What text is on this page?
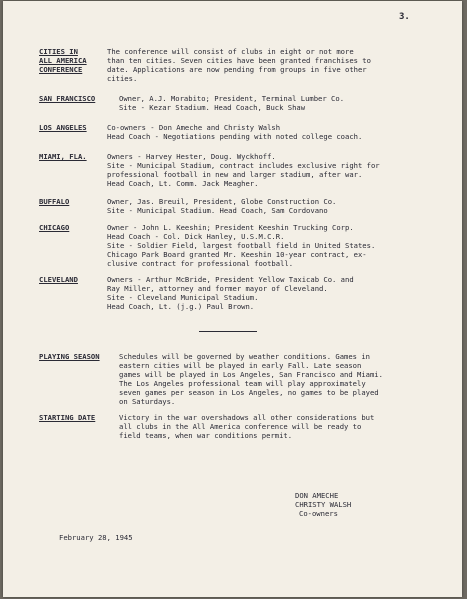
3.
CITIES IN
ALL AMERICA
CONFERENCE
The conference will consist of clubs in eight or not more
than ten cities. Seven cities have been granted franchises to
date. Applications are now pending from groups in five other
cities.
SAN FRANCISCO	Owner, A.J. Morabito; President, Terminal Lumber Co.
Site - Kezar Stadium. Head Coach, Buck Shaw
LOS ANGELES	Co-owners - Don Ameche and Christy Walsh
Head Coach - Negotiations pending with noted college coach.
MIAMI, FLA.	Owners - Harvey Hester, Doug. Wyckhoff.
Site - Municipal Stadium, contract includes exclusive right for
professional football in new and larger stadium, after war.
Head Coach, Lt. Comm. Jack Meagher.
BUFFALO	Owner, Jas. Breuil, President, Globe Construction Co.
Site - Municipal Stadium. Head Coach, Sam Cordovano
CHICAGO	Owner - John L. Keeshin; President Keeshin Trucking Corp.
Head Coach - Col. Dick Hanley, U.S.M.C.R.
Site - Soldier Field, largest football field in United States.
Chicago Park Board granted Mr. Keeshin 10-year contract, ex-
clusive contract for professional football.
CLEVELAND	Owners - Arthur McBride, President Yellow Taxicab Co. and
Ray Miller, attorney and former mayor of Cleveland.
Site - Cleveland Municipal Stadium.
Head Coach, Lt. (j.g.) Paul Brown.
PLAYING SEASON	Schedules will be governed by weather conditions. Games in
eastern cities will be played in early Fall. Late season
games will be played in Los Angeles, San Francisco and Miami.
The Los Angeles professional team will play approximately
seven games per season in Los Angeles, no games to be played
on Saturdays.
STARTING DATE	Victory in the war overshadows all other considerations but
all clubs in the All America conference will be ready to
field teams, when war conditions permit.
DON AMECHE
CHRISTY WALSH
Co-owners
February 28, 1945
